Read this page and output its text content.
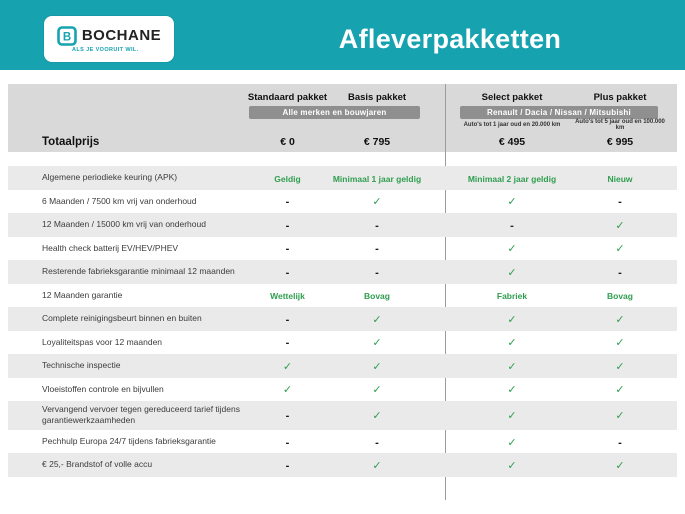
B BOCHANE
ALS JE VOORUIT WIL.	Afleverpakketten
Standaard pakket	Basis pakket	Select pakket	Plus pakket
Alle merken en bouwjaren	Renault / Dacia / Nissan / Mitsubishi
Auto's tot 1 jaar oud en 20.000 km	Auto's tot 5 jaar oud en 100.000 km
Totaalprijs	€ 0	€ 795	€ 495	€ 995
Algemene periodieke keuring (APK)	Geldig	Minimaal 1 jaar geldig	Minimaal 2 jaar geldig	Nieuw
6 Maanden / 7500 km vrij van onderhoud	-	✓	✓	-
12 Maanden / 15000 km vrij van onderhoud	-	-	-	✓
Health check batterij EV/HEV/PHEV	-	-	✓	✓
Resterende fabrieksgarantie minimaal 12 maanden	-	-	✓	-
12 Maanden garantie	Wettelijk	Bovag	Fabriek	Bovag
Complete reinigingsbeurt binnen en buiten	-	✓	✓	✓
Loyaliteitspas voor 12 maanden	-	✓	✓	✓
Technische inspectie	✓	✓	✓	✓
Vloeistoffen controle en bijvullen	✓	✓	✓	✓
Vervangend vervoer tegen gereduceerd tarief tijdens garantiewerkzaamheden	-	✓	✓	✓
Pechhulp Europa 24/7 tijdens fabrieksgarantie	-	-	✓	-
€ 25,- Brandstof of volle accu	-	✓	✓	✓
